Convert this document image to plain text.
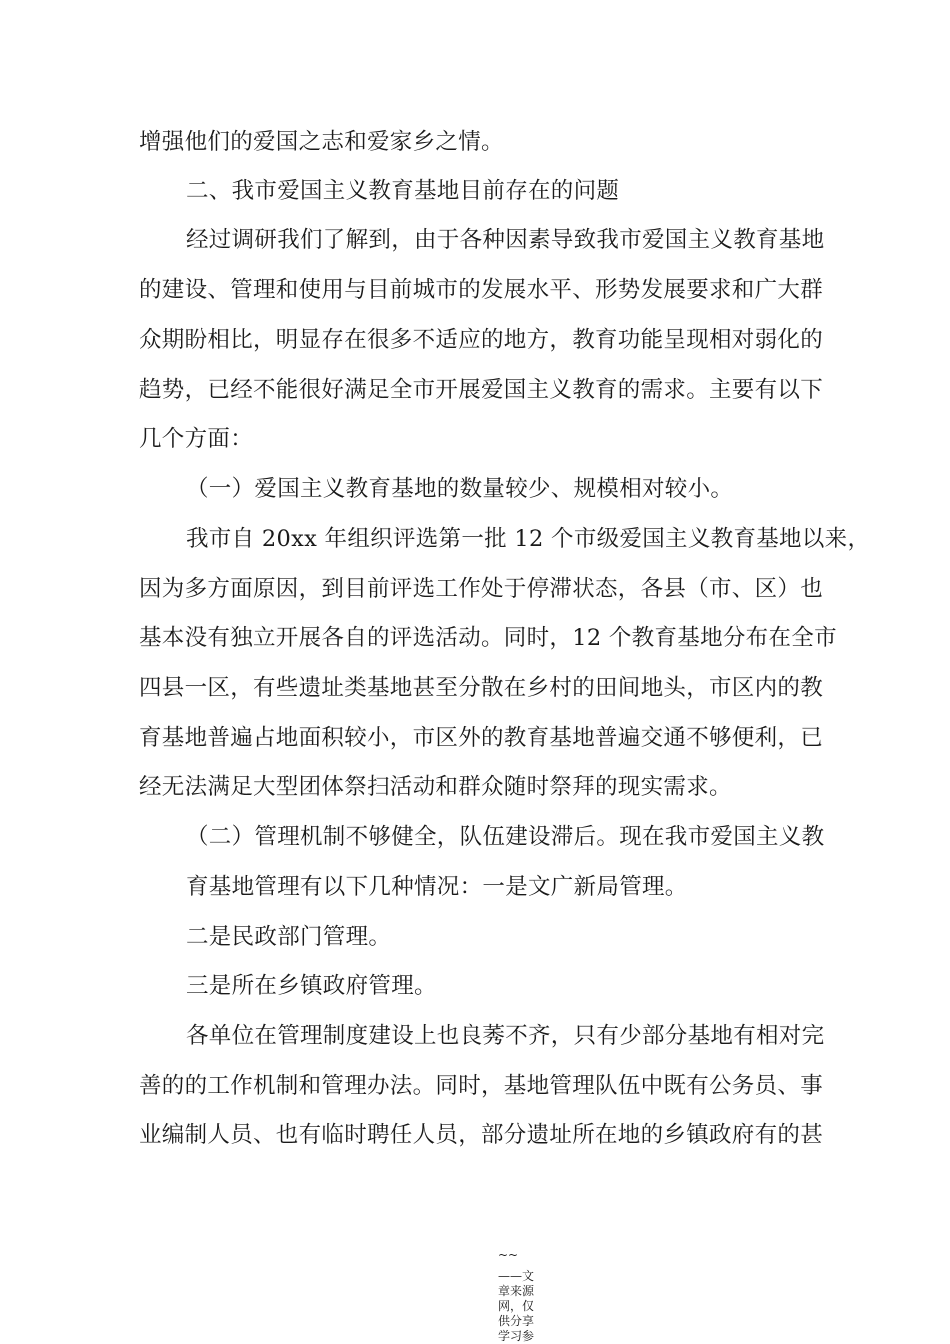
增强他们的爱国之志和爱家乡之情。
二、我市爱国主义教育基地目前存在的问题
经过调研我们了解到，由于各种因素导致我市爱国主义教育基地
的建设、管理和使用与目前城市的发展水平、形势发展要求和广大群
众期盼相比，明显存在很多不适应的地方，教育功能呈现相对弱化的
趋势，已经不能很好满足全市开展爱国主义教育的需求。主要有以下
几个方面：
（一）爱国主义教育基地的数量较少、规模相对较小。
我市自 20xx 年组织评选第一批 12 个市级爱国主义教育基地以来，
因为多方面原因，到目前评选工作处于停滞状态，各县（市、区）也
基本没有独立开展各自的评选活动。同时，12 个教育基地分布在全市
四县一区，有些遗址类基地甚至分散在乡村的田间地头，市区内的教
育基地普遍占地面积较小，市区外的教育基地普遍交通不够便利，已
经无法满足大型团体祭扫活动和群众随时祭拜的现实需求。
（二）管理机制不够健全，队伍建设滞后。现在我市爱国主义教
育基地管理有以下几种情况：一是文广新局管理。
二是民政部门管理。
三是所在乡镇政府管理。
各单位在管理制度建设上也良莠不齐，只有少部分基地有相对完
善的的工作机制和管理办法。同时，基地管理队伍中既有公务员、事
业编制人员、也有临时聘任人员，部分遗址所在地的乡镇政府有的甚
~~
——文
章来源
网，仅
供分享
学习参
